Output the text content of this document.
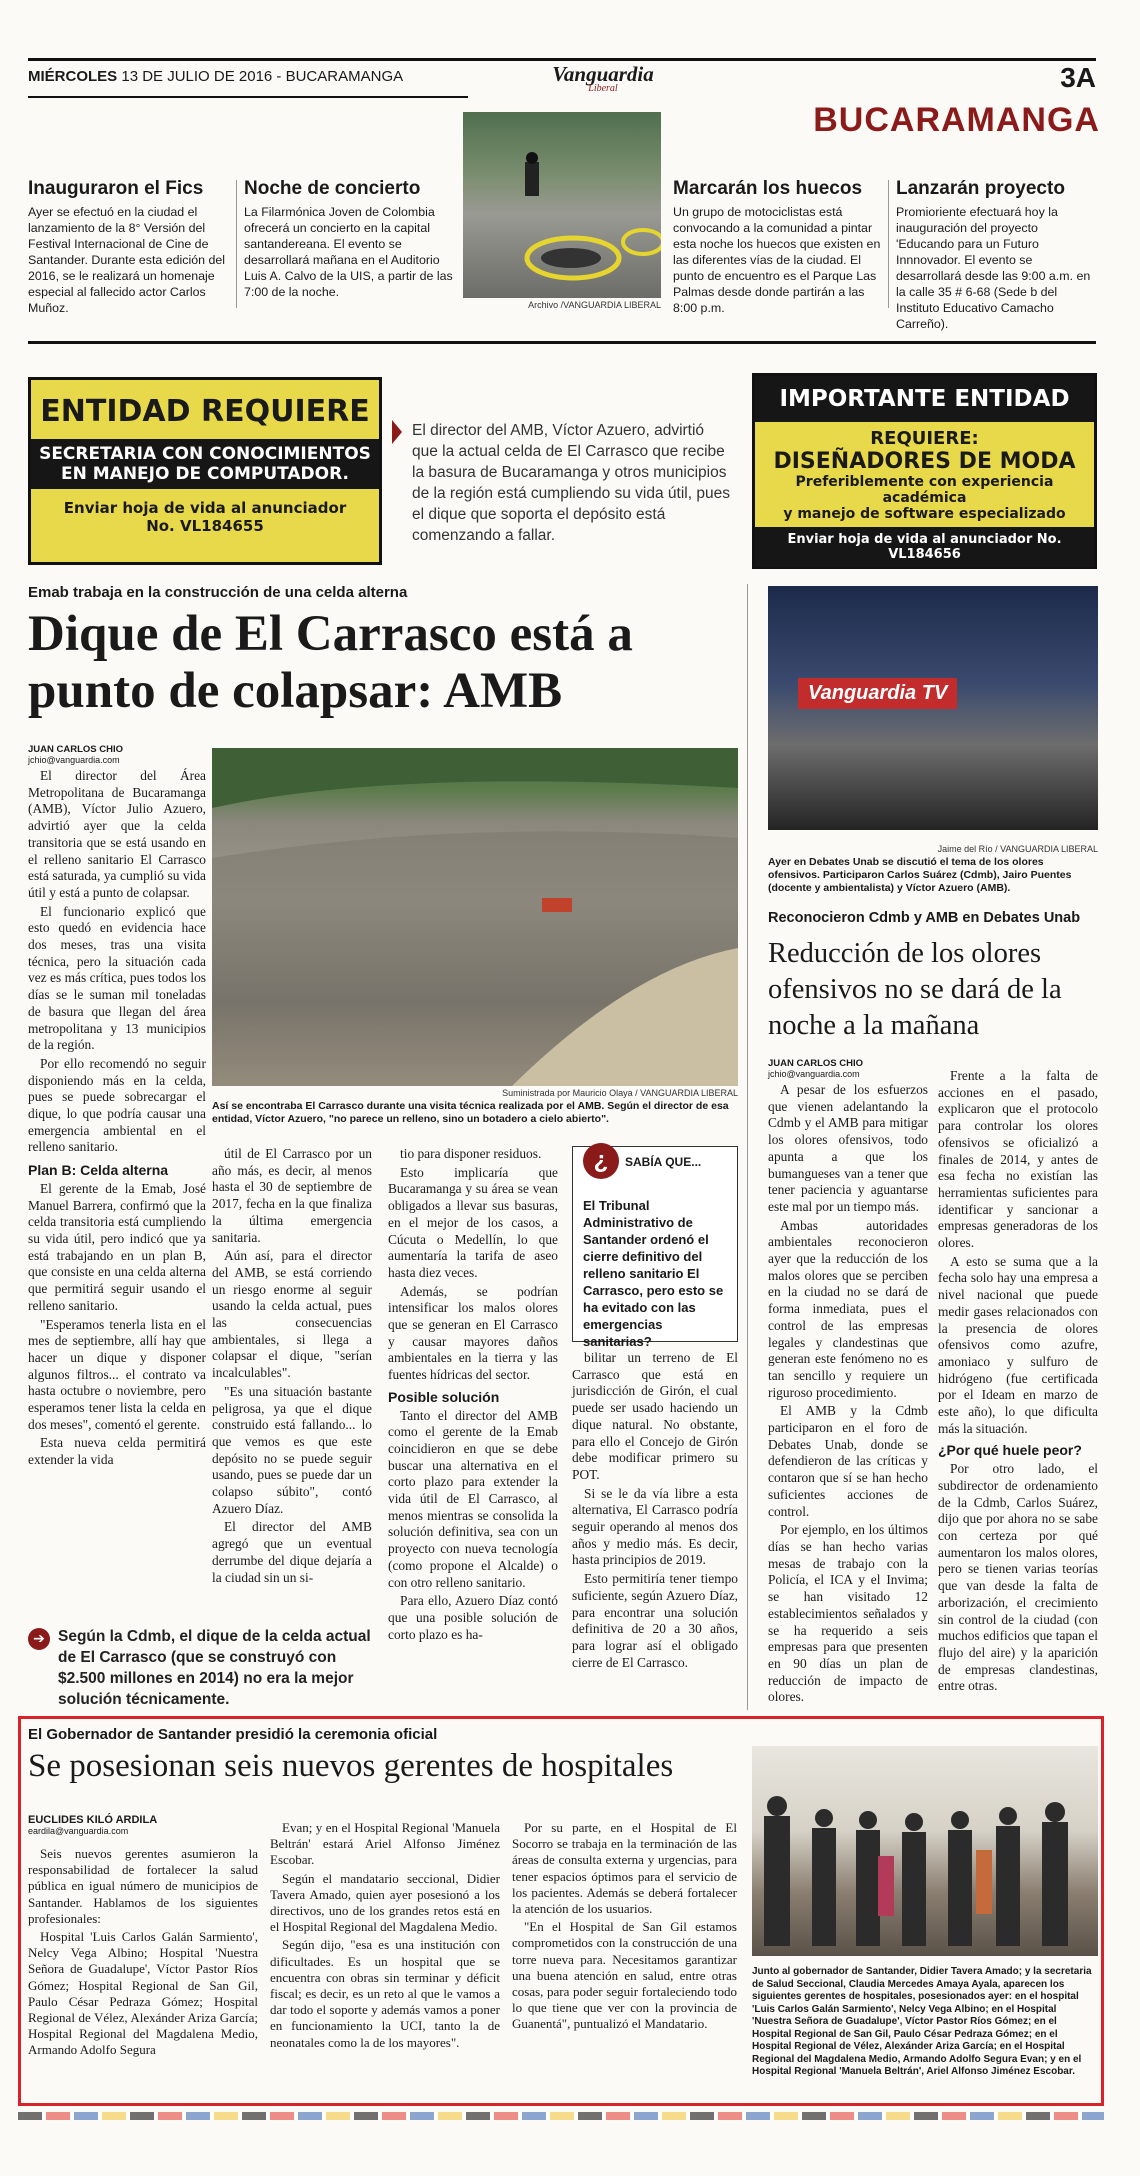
MIÉRCOLES 13 DE JULIO DE 2016 - BUCARAMANGA	Vanguardia
Liberal	3A
BUCARAMANGA
Inauguraron el Fics
Ayer se efectuó en la ciudad el lanzamiento de la 8° Versión del Festival Internacional de Cine de Santander. Durante esta edición del 2016, se le realizará un homenaje especial al fallecido actor Carlos Muñoz.
Noche de concierto
La Filarmónica Joven de Colombia ofrecerá un concierto en la capital santandereana. El evento se desarrollará mañana en el Auditorio Luis A. Calvo de la UIS, a partir de las 7:00 de la noche.
Archivo /VANGUARDIA LIBERAL
Marcarán los huecos
Un grupo de motociclistas está convocando a la comunidad a pintar esta noche los huecos que existen en las diferentes vías de la ciudad. El punto de encuentro es el Parque Las Palmas desde donde partirán a las 8:00 p.m.
Lanzarán proyecto
Promioriente efectuará hoy la inauguración del proyecto 'Educando para un Futuro Innnovador. El evento se desarrollará desde las 9:00 a.m. en la calle 35 # 6-68 (Sede b del Instituto Educativo Camacho Carreño).
ENTIDAD REQUIERE
SECRETARIA CON CONOCIMIENTOS
EN MANEJO DE COMPUTADOR.
Enviar hoja de vida al anunciador
No. VL184655
El director del AMB, Víctor Azuero, advirtió que la actual celda de El Carrasco que recibe la basura de Bucaramanga y otros municipios de la región está cumpliendo su vida útil, pues el dique que soporta el depósito está comenzando a fallar.
IMPORTANTE ENTIDAD
REQUIERE:
DISEÑADORES DE MODA
Preferiblemente con experiencia académica
y manejo de software especializado
Enviar hoja de vida al anunciador No. VL184656
Emab trabaja en la construcción de una celda alterna
Dique de El Carrasco está a punto de colapsar: AMB
JUAN CARLOS CHIO
jchio@vanguardia.com

El director del Área Metropolitana de Bucaramanga (AMB), Víctor Julio Azuero, advirtió ayer que la celda transitoria que se está usando en el relleno sanitario El Carrasco está saturada, ya cumplió su vida útil y está a punto de colapsar.

El funcionario explicó que esto quedó en evidencia hace dos meses, tras una visita técnica, pero la situación cada vez es más crítica, pues todos los días se le suman mil toneladas de basura que llegan del área metropolitana y 13 municipios de la región.

Por ello recomendó no seguir disponiendo más en la celda, pues se puede sobrecargar el dique, lo que podría causar una emergencia ambiental en el relleno sanitario.

Plan B: Celda alterna

El gerente de la Emab, José Manuel Barrera, confirmó que la celda transitoria está cumpliendo su vida útil, pero indicó que ya está trabajando en un plan B, que consiste en una celda alterna que permitirá seguir usando el relleno sanitario.

"Esperamos tenerla lista en el mes de septiembre, allí hay que hacer un dique y disponer algunos filtros... el contrato va hasta octubre o noviembre, pero esperamos tener lista la celda en dos meses", comentó el gerente.

Esta nueva celda permitirá extender la vida

Suministrada por Mauricio Olaya / VANGUARDIA LIBERAL
Así se encontraba El Carrasco durante una visita técnica realizada por el AMB. Según el director de esa entidad, Víctor Azuero, "no parece un relleno, sino un botadero a cielo abierto".

útil de El Carrasco por un año más, es decir, al menos hasta el 30 de septiembre de 2017, fecha en la que finaliza la última emergencia sanitaria.

Aún así, para el director del AMB, se está corriendo un riesgo enorme al seguir usando la celda actual, pues las consecuencias ambientales, si llega a colapsar el dique, "serían incalculables".

"Es una situación bastante peligrosa, ya que el dique construido está fallando... lo que vemos es que este depósito no se puede seguir usando, pues se puede dar un colapso súbito", contó Azuero Díaz.

El director del AMB agregó que un eventual derrumbe del dique dejaría a la ciudad sin un si-

tio para disponer residuos.

Esto implicaría que Bucaramanga y su área se vean obligados a llevar sus basuras, en el mejor de los casos, a Cúcuta o Medellín, lo que aumentaría la tarifa de aseo hasta diez veces.

Además, se podrían intensificar los malos olores que se generan en El Carrasco y causar mayores daños ambientales en la tierra y las fuentes hídricas del sector.

Posible solución

Tanto el director del AMB como el gerente de la Emab coincidieron en que se debe buscar una alternativa en el corto plazo para extender la vida útil de El Carrasco, al menos mientras se consolida la solución definitiva, sea con un proyecto con nueva tecnología (como propone el Alcalde) o con otro relleno sanitario.

Para ello, Azuero Díaz contó que una posible solución de corto plazo es ha-

¿	SABÍA QUE...
El Tribunal Administrativo de Santander ordenó el cierre definitivo del relleno sanitario El Carrasco, pero esto se ha evitado con las emergencias sanitarias?

bilitar un terreno de El Carrasco que está en jurisdicción de Girón, el cual puede ser usado haciendo un dique natural. No obstante, para ello el Concejo de Girón debe modificar primero su POT.

Si se le da vía libre a esta alternativa, El Carrasco podría seguir operando al menos dos años y medio más. Es decir, hasta principios de 2019.

Esto permitiría tener tiempo suficiente, según Azuero Díaz, para encontrar una solución definitiva de 20 a 30 años, para lograr así el obligado cierre de El Carrasco.

➔ Según la Cdmb, el dique de la celda actual de El Carrasco (que se construyó con $2.500 millones en 2014) no era la mejor solución técnicamente.
Vanguardia TV
Jaime del Río / VANGUARDIA LIBERAL
Ayer en Debates Unab se discutió el tema de los olores ofensivos. Participaron Carlos Suárez (Cdmb), Jairo Puentes (docente y ambientalista) y Víctor Azuero (AMB).
Reconocieron Cdmb y AMB en Debates Unab
Reducción de los olores ofensivos no se dará de la noche a la mañana
JUAN CARLOS CHIO
jchio@vanguardia.com

A pesar de los esfuerzos que vienen adelantando la Cdmb y el AMB para mitigar los olores ofensivos, todo apunta a que los bumangueses van a tener que tener paciencia y aguantarse este mal por un tiempo más.

Ambas autoridades ambientales reconocieron ayer que la reducción de los malos olores que se perciben en la ciudad no se dará de forma inmediata, pues el control de las empresas legales y clandestinas que generan este fenómeno no es tan sencillo y requiere un riguroso procedimiento.

El AMB y la Cdmb participaron en el foro de Debates Unab, donde se defendieron de las críticas y contaron que sí se han hecho suficientes acciones de control.

Por ejemplo, en los últimos días se han hecho varias mesas de trabajo con la Policía, el ICA y el Invima; se han visitado 12 establecimientos señalados y se ha requerido a seis empresas para que presenten en 90 días un plan de reducción de impacto de olores.

Frente a la falta de acciones en el pasado, explicaron que el protocolo para controlar los olores ofensivos se oficializó a finales de 2014, y antes de esa fecha no existían las herramientas suficientes para identificar y sancionar a empresas generadoras de los olores.

A esto se suma que a la fecha solo hay una empresa a nivel nacional que puede medir gases relacionados con la presencia de olores ofensivos como azufre, amoniaco y sulfuro de hidrógeno (fue certificada por el Ideam en marzo de este año), lo que dificulta más la situación.

¿Por qué huele peor?

Por otro lado, el subdirector de ordenamiento de la Cdmb, Carlos Suárez, dijo que por ahora no se sabe con certeza por qué aumentaron los malos olores, pero se tienen varias teorías que van desde la falta de arborización, el crecimiento sin control de la ciudad (con muchos edificios que tapan el flujo del aire) y la aparición de empresas clandestinas, entre otras.

El Gobernador de Santander presidió la ceremonia oficial
Se posesionan seis nuevos gerentes de hospitales
EUCLIDES KILÓ ARDILA
eardila@vanguardia.com

Seis nuevos gerentes asumieron la responsabilidad de fortalecer la salud pública en igual número de municipios de Santander. Hablamos de los siguientes profesionales:

Hospital 'Luis Carlos Galán Sarmiento', Nelcy Vega Albino; Hospital 'Nuestra Señora de Guadalupe', Víctor Pastor Ríos Gómez; Hospital Regional de San Gil, Paulo César Pedraza Gómez; Hospital Regional de Vélez, Alexánder Ariza García; Hospital Regional del Magdalena Medio, Armando Adolfo Segura

Evan; y en el Hospital Regional 'Manuela Beltrán' estará Ariel Alfonso Jiménez Escobar.

Según el mandatario seccional, Didier Tavera Amado, quien ayer posesionó a los directivos, uno de los grandes retos está en el Hospital Regional del Magdalena Medio.

Según dijo, "esa es una institución con dificultades. Es un hospital que se encuentra con obras sin terminar y déficit fiscal; es decir, es un reto al que le vamos a dar todo el soporte y además vamos a poner en funcionamiento la UCI, tanto la de neonatales como la de los mayores".

Por su parte, en el Hospital de El Socorro se trabaja en la terminación de las áreas de consulta externa y urgencias, para tener espacios óptimos para el servicio de los pacientes. Además se deberá fortalecer la atención de los usuarios.

"En el Hospital de San Gil estamos comprometidos con la construcción de una torre nueva para. Necesitamos garantizar una buena atención en salud, entre otras cosas, para poder seguir fortaleciendo todo lo que tiene que ver con la provincia de Guanentá", puntualizó el Mandatario.

Junto al gobernador de Santander, Didier Tavera Amado; y la secretaria de Salud Seccional, Claudia Mercedes Amaya Ayala, aparecen los siguientes gerentes de hospitales, posesionados ayer: en el hospital 'Luis Carlos Galán Sarmiento', Nelcy Vega Albino; en el Hospital 'Nuestra Señora de Guadalupe', Víctor Pastor Ríos Gómez; en el Hospital Regional de San Gil, Paulo César Pedraza Gómez; en el Hospital Regional de Vélez, Alexánder Ariza García; en el Hospital Regional del Magdalena Medio, Armando Adolfo Segura Evan; y en el Hospital Regional 'Manuela Beltrán', Ariel Alfonso Jiménez Escobar.
